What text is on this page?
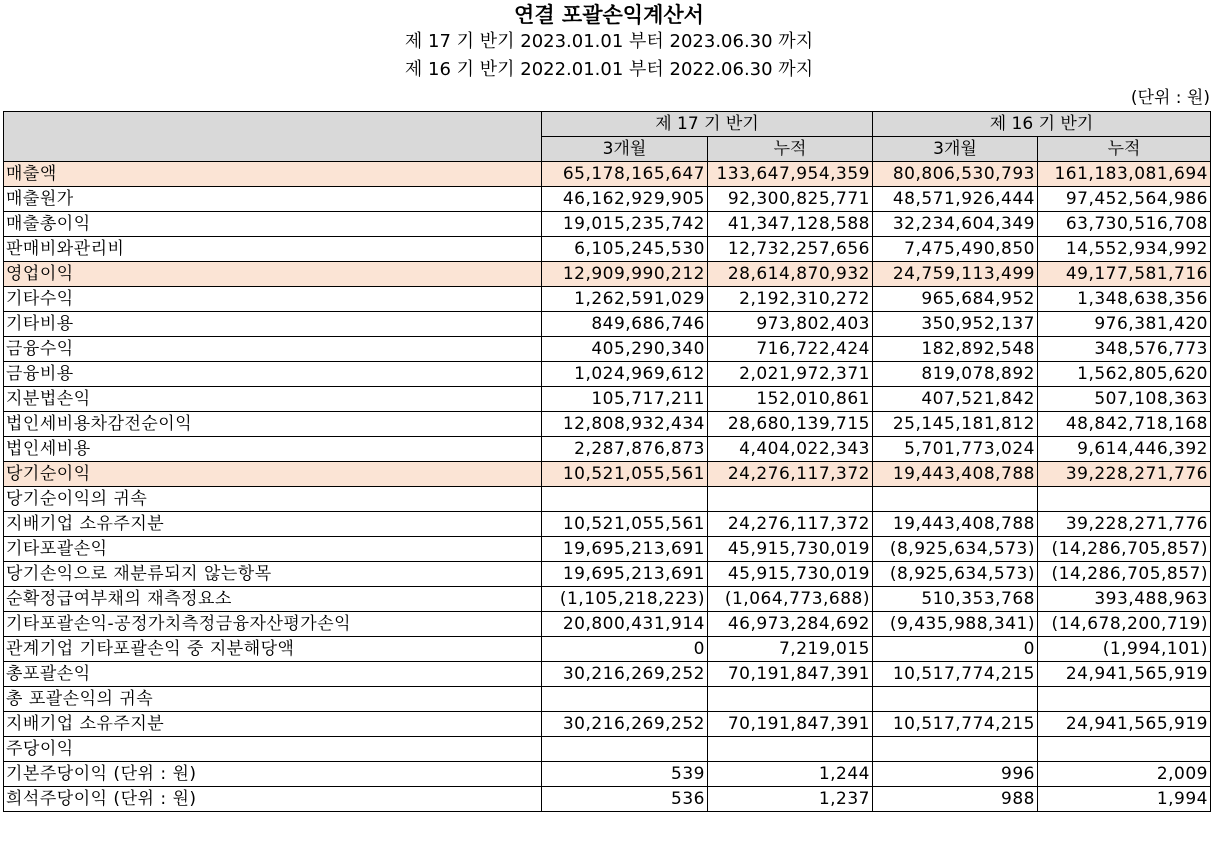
연결 포괄손익계산서
제 17 기 반기 2023.01.01 부터 2023.06.30 까지
제 16 기 반기 2022.01.01 부터 2022.06.30 까지
(단위 : 원)
	제 17 기 반기		제 16 기 반기	
	3개월	누적	3개월	누적
매출액	65,178,165,647	133,647,954,359	80,806,530,793	161,183,081,694
매출원가	46,162,929,905	92,300,825,771	48,571,926,444	97,452,564,986
매출총이익	19,015,235,742	41,347,128,588	32,234,604,349	63,730,516,708
판매비와관리비	6,105,245,530	12,732,257,656	7,475,490,850	14,552,934,992
영업이익	12,909,990,212	28,614,870,932	24,759,113,499	49,177,581,716
기타수익	1,262,591,029	2,192,310,272	965,684,952	1,348,638,356
기타비용	849,686,746	973,802,403	350,952,137	976,381,420
금융수익	405,290,340	716,722,424	182,892,548	348,576,773
금융비용	1,024,969,612	2,021,972,371	819,078,892	1,562,805,620
지분법손익	105,717,211	152,010,861	407,521,842	507,108,363
법인세비용차감전순이익	12,808,932,434	28,680,139,715	25,145,181,812	48,842,718,168
법인세비용	2,287,876,873	4,404,022,343	5,701,773,024	9,614,446,392
당기순이익	10,521,055,561	24,276,117,372	19,443,408,788	39,228,271,776
당기순이익의 귀속				
지배기업 소유주지분	10,521,055,561	24,276,117,372	19,443,408,788	39,228,271,776
기타포괄손익	19,695,213,691	45,915,730,019	(8,925,634,573)	(14,286,705,857)
당기손익으로 재분류되지 않는항목	19,695,213,691	45,915,730,019	(8,925,634,573)	(14,286,705,857)
순확정급여부채의 재측정요소	(1,105,218,223)	(1,064,773,688)	510,353,768	393,488,963
기타포괄손익-공정가치측정금융자산평가손익	20,800,431,914	46,973,284,692	(9,435,988,341)	(14,678,200,719)
관계기업 기타포괄손익 중 지분해당액	0	7,219,015	0	(1,994,101)
총포괄손익	30,216,269,252	70,191,847,391	10,517,774,215	24,941,565,919
총 포괄손익의 귀속				
지배기업 소유주지분	30,216,269,252	70,191,847,391	10,517,774,215	24,941,565,919
주당이익				
기본주당이익 (단위 : 원)	539	1,244	996	2,009
희석주당이익 (단위 : 원)	536	1,237	988	1,994
